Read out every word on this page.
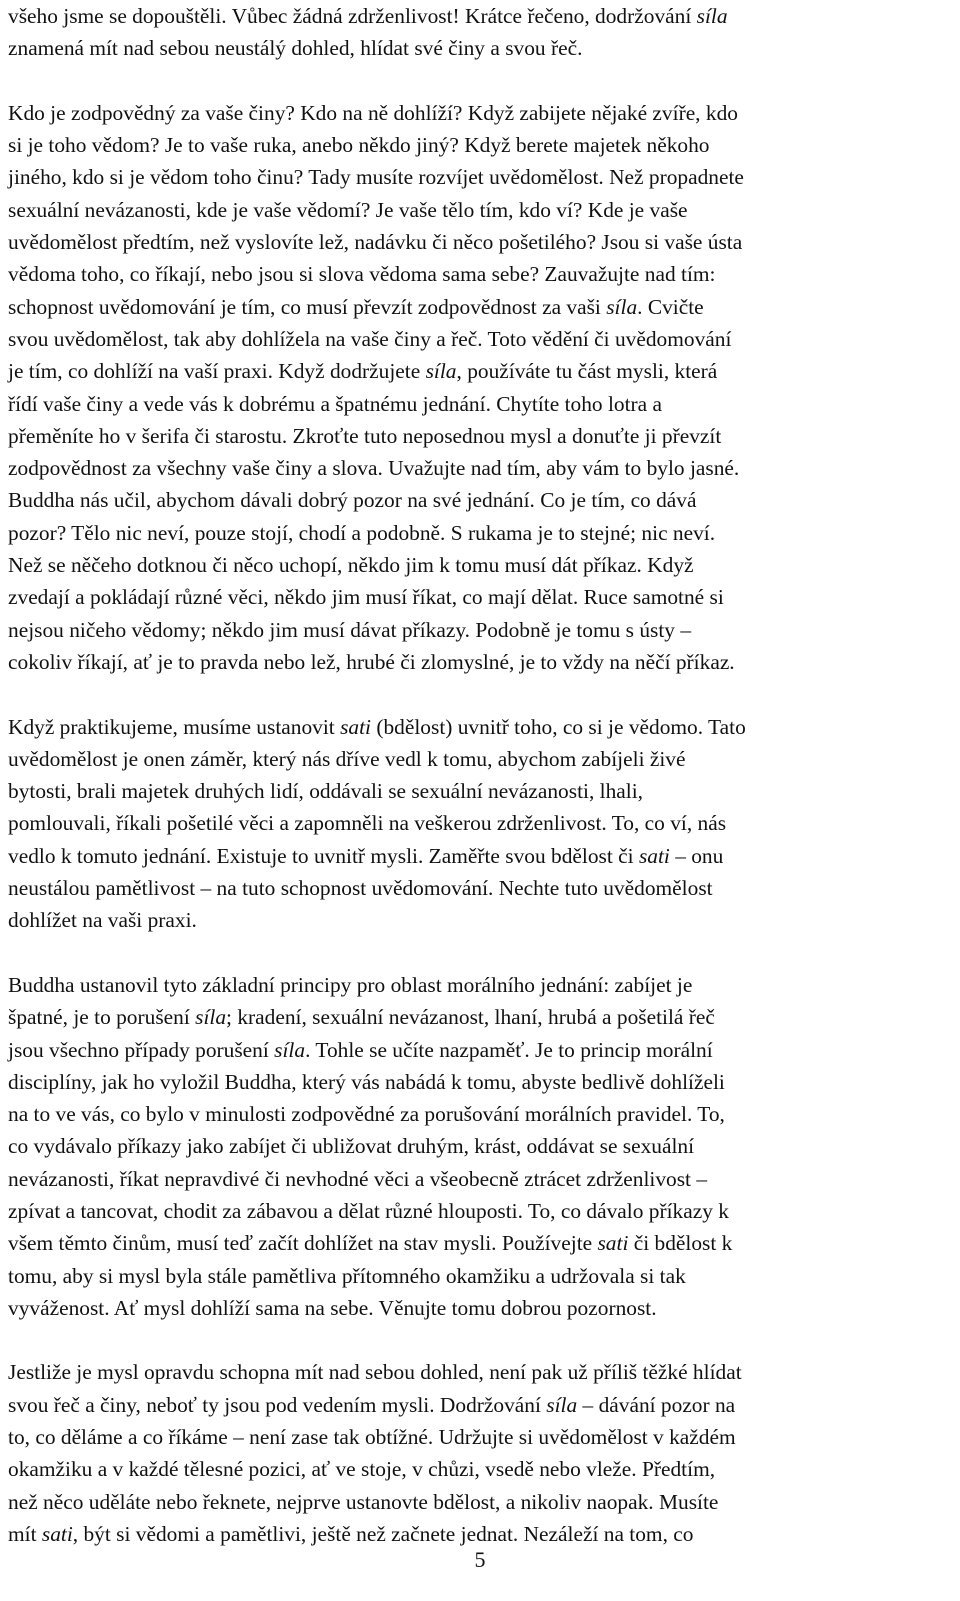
všeho jsme se dopouštěli. Vůbec žádná zdrženlivost! Krátce řečeno, dodržování síla
znamená mít nad sebou neustálý dohled, hlídat své činy a svou řeč.

Kdo je zodpovědný za vaše činy? Kdo na ně dohlíží? Když zabijete nějaké zvíře, kdo
si je toho vědom? Je to vaše ruka, anebo někdo jiný? Když berete majetek někoho
jiného, kdo si je vědom toho činu? Tady musíte rozvíjet uvědomělost. Než propadnete
sexuální nevázanosti, kde je vaše vědomí? Je vaše tělo tím, kdo ví? Kde je vaše
uvědomělost předtím, než vyslovíte lež, nadávku či něco pošetilého? Jsou si vaše ústa
vědoma toho, co říkají, nebo jsou si slova vědoma sama sebe? Zauvažujte nad tím:
schopnost uvědomování je tím, co musí převzít zodpovědnost za vaši síla. Cvičte
svou uvědomělost, tak aby dohlížela na vaše činy a řeč. Toto vědění či uvědomování
je tím, co dohlíží na vaší praxi. Když dodržujete síla, používáte tu část mysli, která
řídí vaše činy a vede vás k dobrému a špatnému jednání. Chytíte toho lotra a
přeměníte ho v šerifa či starostu. Zkroťte tuto neposednou mysl a donuťte ji převzít
zodpovědnost za všechny vaše činy a slova. Uvažujte nad tím, aby vám to bylo jasné.
Buddha nás učil, abychom dávali dobrý pozor na své jednání. Co je tím, co dává
pozor? Tělo nic neví, pouze stojí, chodí a podobně. S rukama je to stejné; nic neví.
Než se něčeho dotknou či něco uchopí, někdo jim k tomu musí dát příkaz. Když
zvedají a pokládají různé věci, někdo jim musí říkat, co mají dělat. Ruce samotné si
nejsou ničeho vědomy; někdo jim musí dávat příkazy. Podobně je tomu s ústy –
cokoliv říkají, ať je to pravda nebo lež, hrubé či zlomyslné, je to vždy na něčí příkaz.

Když praktikujeme, musíme ustanovit sati (bdělost) uvnitř toho, co si je vědomo. Tato
uvědomělost je onen záměr, který nás dříve vedl k tomu, abychom zabíjeli živé
bytosti, brali majetek druhých lidí, oddávali se sexuální nevázanosti, lhali,
pomlouvali, říkali pošetilé věci a zapomněli na veškerou zdrženlivost. To, co ví, nás
vedlo k tomuto jednání. Existuje to uvnitř mysli. Zaměřte svou bdělost či sati – onu
neustálou pamětlivost – na tuto schopnost uvědomování. Nechte tuto uvědomělost
dohlížet na vaši praxi.

Buddha ustanovil tyto základní principy pro oblast morálního jednání: zabíjet je
špatné, je to porušení síla; kradení, sexuální nevázanost, lhaní, hrubá a pošetilá řeč
jsou všechno případy porušení síla. Tohle se učíte nazpaměť. Je to princip morální
disciplíny, jak ho vyložil Buddha, který vás nabádá k tomu, abyste bedlivě dohlíželi
na to ve vás, co bylo v minulosti zodpovědné za porušování morálních pravidel. To,
co vydávalo příkazy jako zabíjet či ubližovat druhým, krást, oddávat se sexuální
nevázanosti, říkat nepravdivé či nevhodné věci a všeobecně ztrácet zdrženlivost –
zpívat a tancovat, chodit za zábavou a dělat různé hlouposti. To, co dávalo příkazy k
všem těmto činům, musí teď začít dohlížet na stav mysli. Používejte sati či bdělost k
tomu, aby si mysl byla stále pamětliva přítomného okamžiku a udržovala si tak
vyváženost. Ať mysl dohlíží sama na sebe. Věnujte tomu dobrou pozornost.

Jestliže je mysl opravdu schopna mít nad sebou dohled, není pak už příliš těžké hlídat
svou řeč a činy, neboť ty jsou pod vedením mysli. Dodržování síla – dávání pozor na
to, co děláme a co říkáme – není zase tak obtížné. Udržujte si uvědomělost v každém
okamžiku a v každé tělesné pozici, ať ve stoje, v chůzi, vsedě nebo vleže. Předtím,
než něco uděláte nebo řeknete, nejprve ustanovte bdělost, a nikoliv naopak. Musíte
mít sati, být si vědomi a pamětlivi, ještě než začnete jednat. Nezáleží na tom, co

5
